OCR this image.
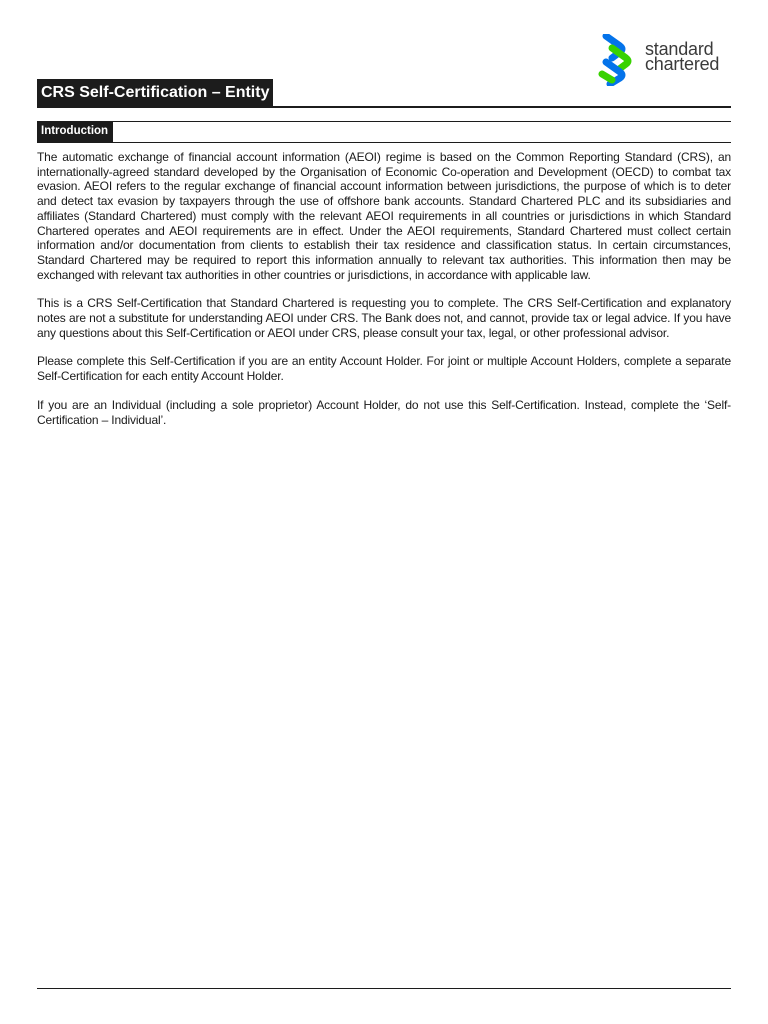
standard
chartered
CRS Self-Certification – Entity
Introduction

The automatic exchange of financial account information (AEOI) regime is based on the Common Reporting Standard (CRS), an internationally-agreed standard developed by the Organisation of Economic Co-operation and Development (OECD) to combat tax evasion. AEOI refers to the regular exchange of financial account information between jurisdictions, the purpose of which is to deter and detect tax evasion by taxpayers through the use of offshore bank accounts. Standard Chartered PLC and its subsidiaries and affiliates (Standard Chartered) must comply with the relevant AEOI requirements in all countries or jurisdictions in which Standard Chartered operates and AEOI requirements are in effect. Under the AEOI requirements, Standard Chartered must collect certain information and/or documentation from clients to establish their tax residence and classification status. In certain circumstances, Standard Chartered may be required to report this information annually to relevant tax authorities. This information then may be exchanged with relevant tax authorities in other countries or jurisdictions, in accordance with applicable law.

This is a CRS Self-Certification that Standard Chartered is requesting you to complete. The CRS Self-Certification and explanatory notes are not a substitute for understanding AEOI under CRS. The Bank does not, and cannot, provide tax or legal advice. If you have any questions about this Self-Certification or AEOI under CRS, please consult your tax, legal, or other professional advisor.

Please complete this Self-Certification if you are an entity Account Holder. For joint or multiple Account Holders, complete a separate Self-Certification for each entity Account Holder.

If you are an Individual (including a sole proprietor) Account Holder, do not use this Self-Certification. Instead, complete the ‘Self-Certification – Individual’.
